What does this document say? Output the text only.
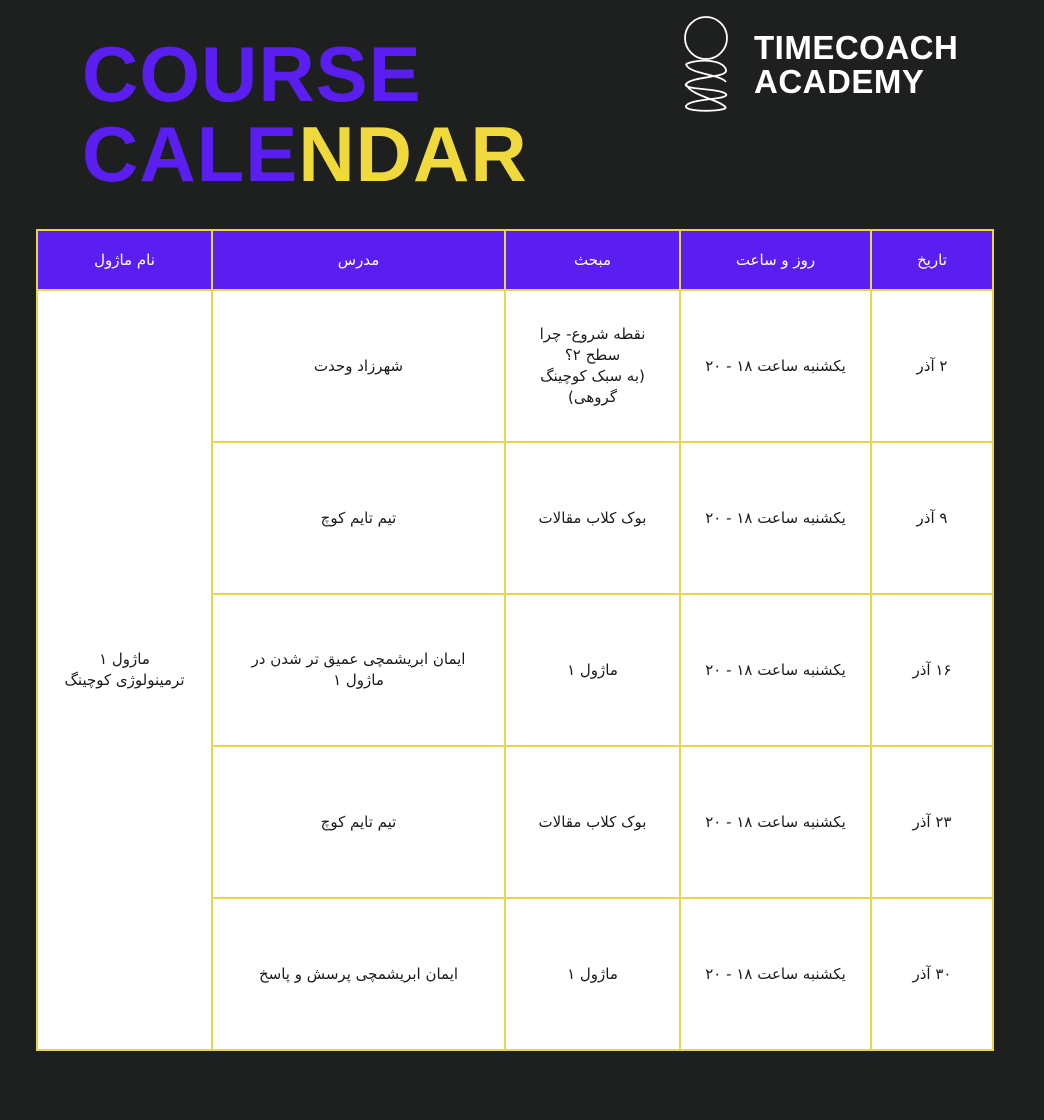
COURSE
CALENDAR
TIMECOACH
ACADEMY
تاریخ	روز و ساعت	مبحث	مدرس	نام ماژول
۲ آذر	یکشنبه ساعت ۱۸ - ۲۰	نقطه شروع- چرا
سطح ۲؟
(به سبک کوچینگ
گروهی)	شهرزاد وحدت	ماژول ۱
ترمینولوژی کوچینگ
۹ آذر	یکشنبه ساعت ۱۸ - ۲۰	بوک کلاب مقالات	تیم تایم کوچ	
۱۶ آذر	یکشنبه ساعت ۱۸ - ۲۰	ماژول ۱	ایمان ابریشمچی عمیق تر شدن در ماژول ۱	
۲۳ آذر	یکشنبه ساعت ۱۸ - ۲۰	بوک کلاب مقالات	تیم تایم کوچ	
۳۰ آذر	یکشنبه ساعت ۱۸ - ۲۰	ماژول ۱	ایمان ابریشمچی پرسش و پاسخ	
